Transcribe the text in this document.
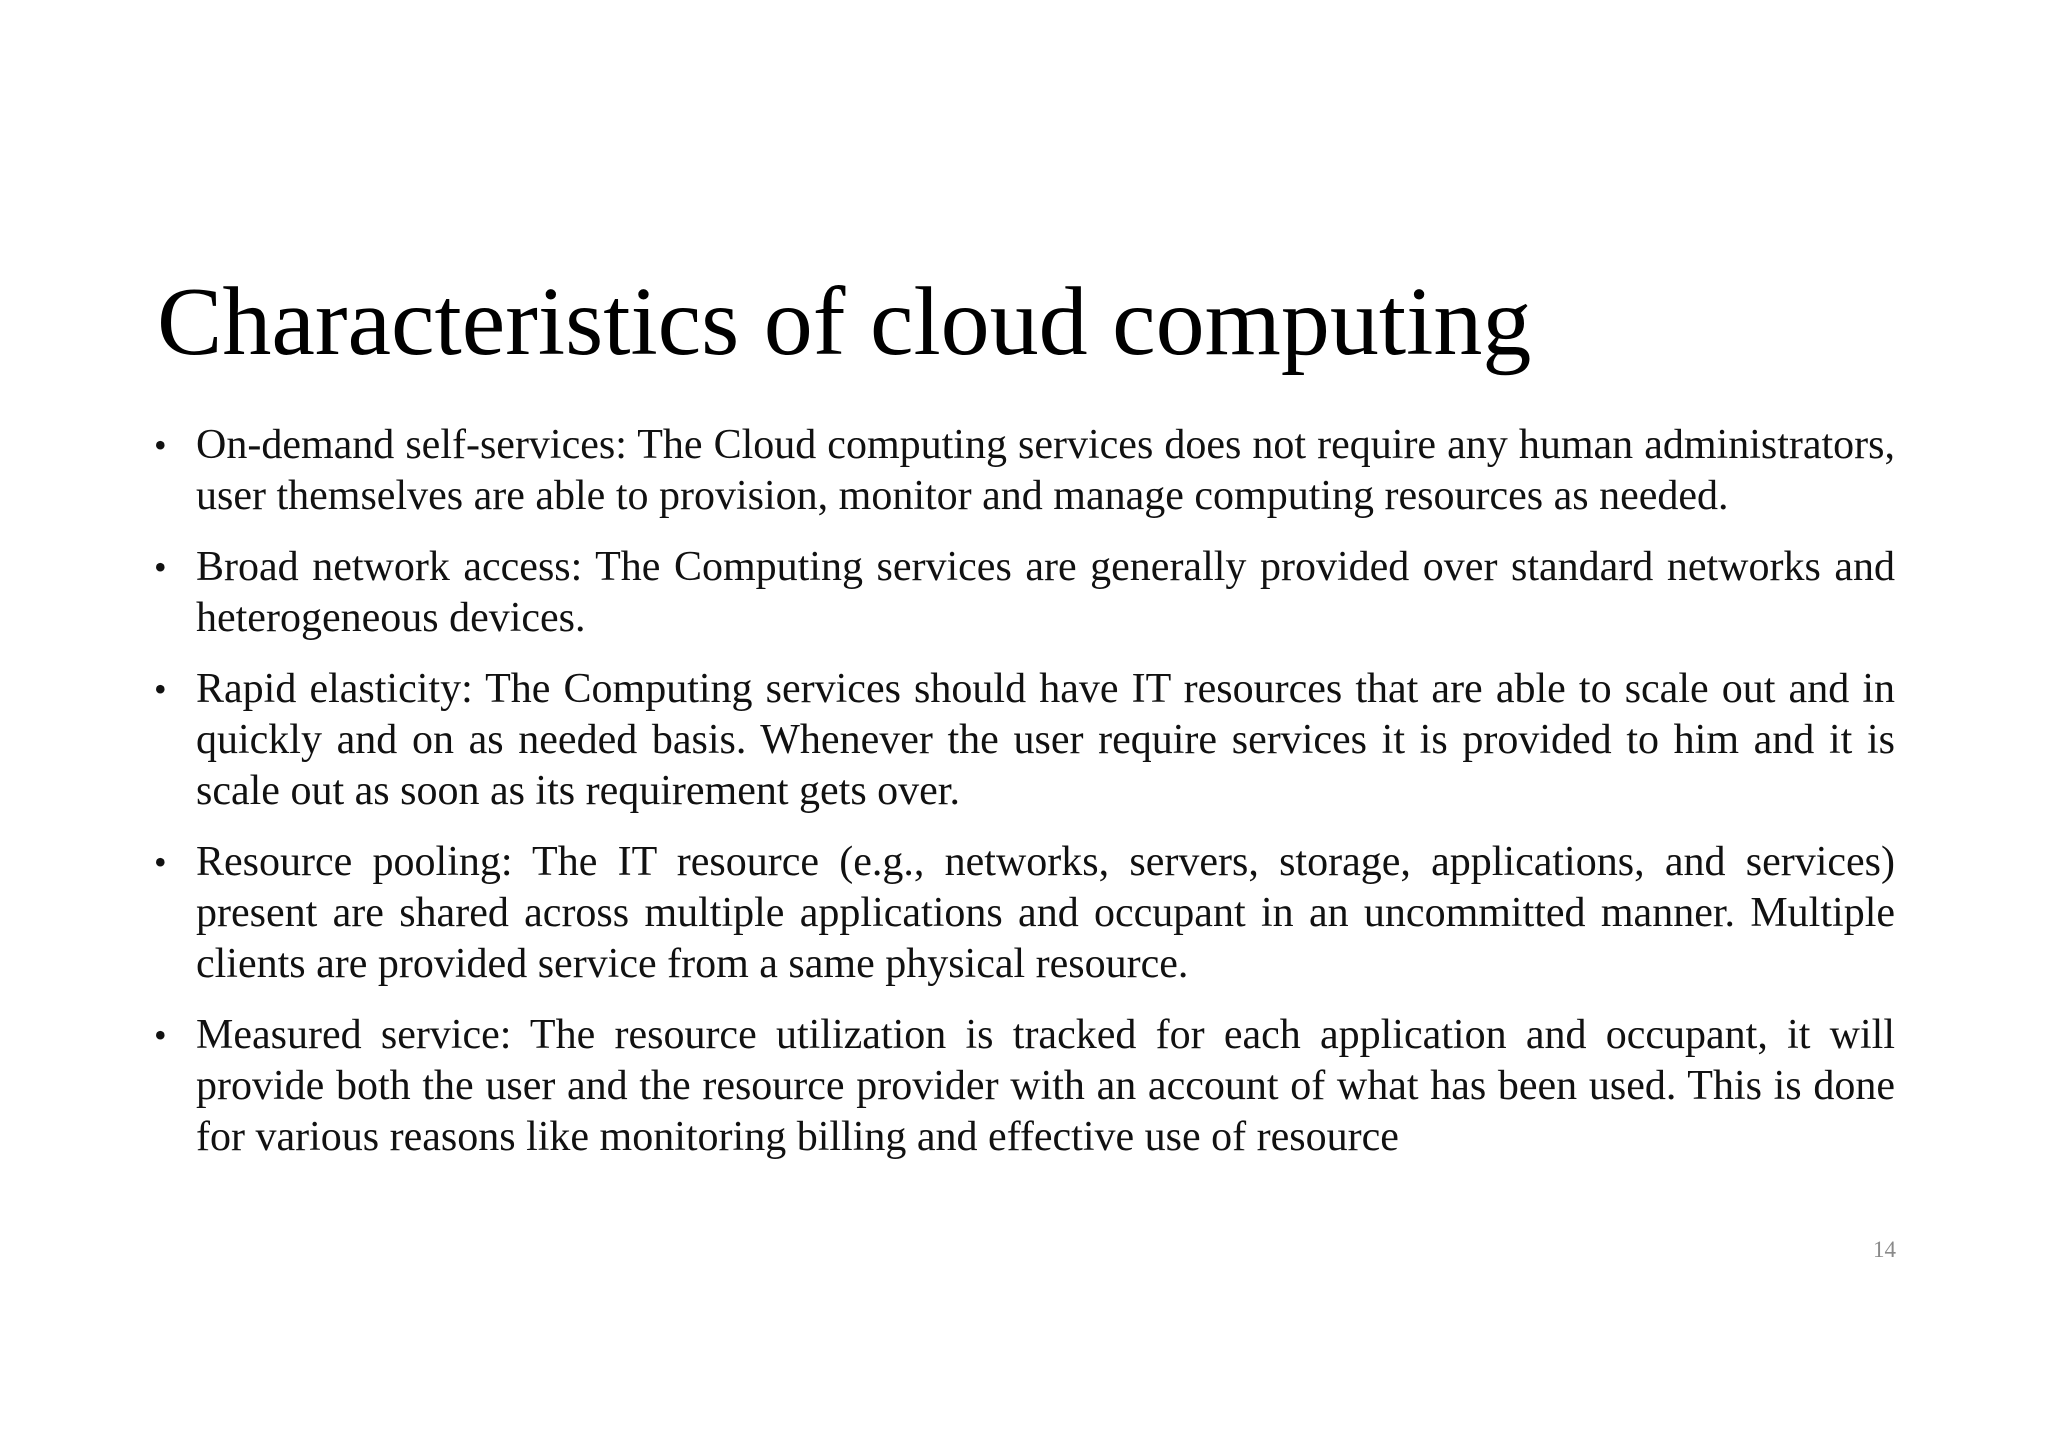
Characteristics of cloud computing
• On-demand self-services: The Cloud computing services does not require any human administrators, user themselves are able to provision, monitor and manage computing resources as needed.
• Broad network access: The Computing services are generally provided over standard networks and heterogeneous devices.
• Rapid elasticity: The Computing services should have IT resources that are able to scale out and in quickly and on as needed basis. Whenever the user require services it is provided to him and it is scale out as soon as its requirement gets over.
• Resource pooling: The IT resource (e.g., networks, servers, storage, applications, and services) present are shared across multiple applications and occupant in an uncommitted manner. Multiple clients are provided service from a same physical resource.
• Measured service: The resource utilization is tracked for each application and occupant, it will provide both the user and the resource provider with an account of what has been used. This is done for various reasons like monitoring billing and effective use of resource
14
